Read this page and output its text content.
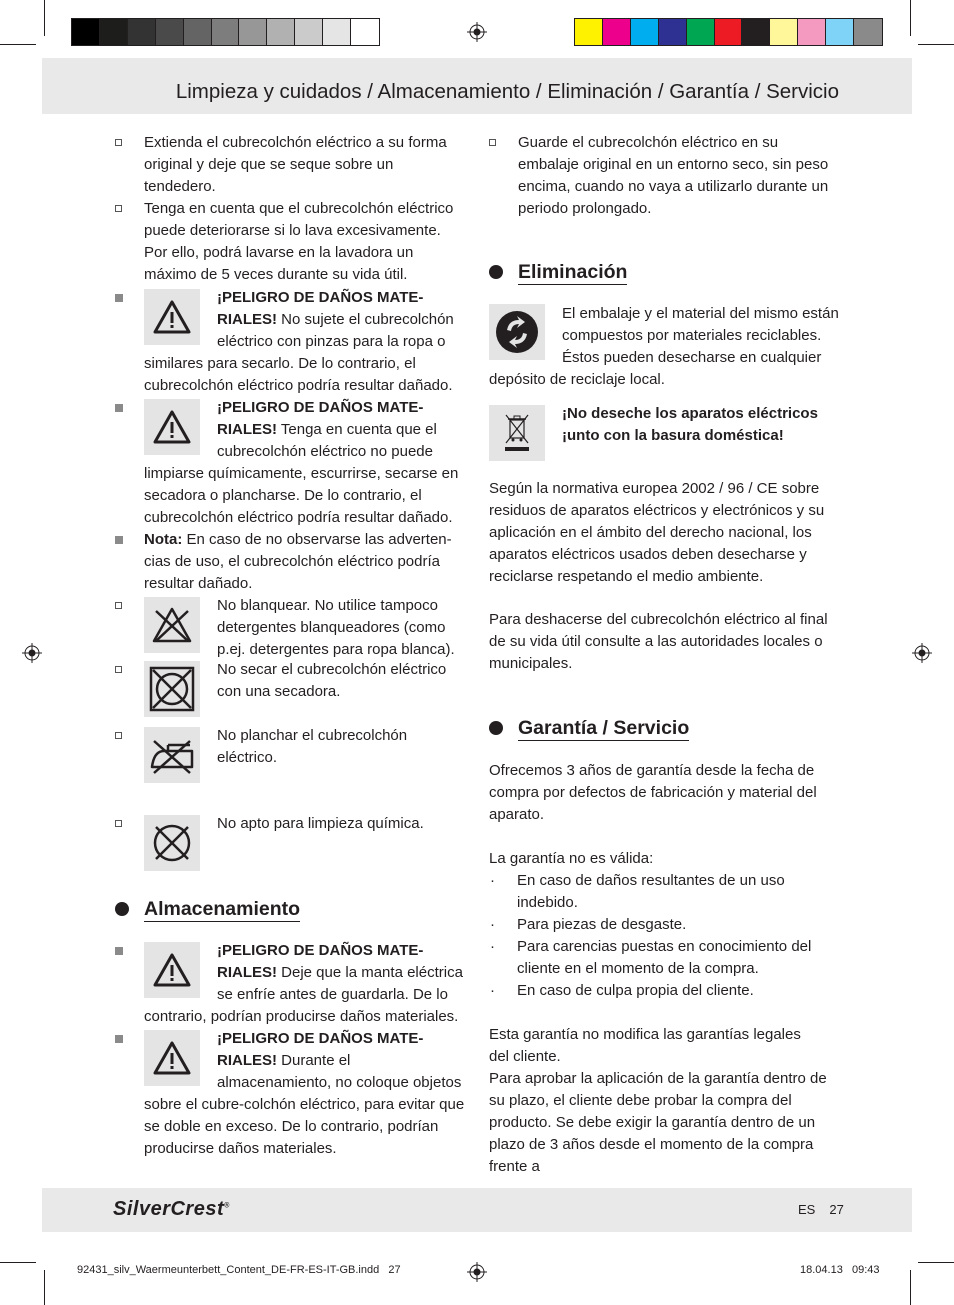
Limpieza y cuidados / Almacenamiento / Eliminación / Garantía / Servicio

Extienda el cubrecolchón eléctrico a su forma original y deje que se seque sobre un tendedero.

Tenga en cuenta que el cubrecolchón eléctrico puede deteriorarse si lo lava excesivamente. Por ello, podrá lavarse en la lavadora un máximo de 5 veces durante su vida útil.

¡PELIGRO DE DAÑOS MATE-RIALES! No sujete el cubrecolchón eléctrico con pinzas para la ropa o similares para secarlo. De lo contrario, el cubrecolchón eléctrico podría resultar dañado.

¡PELIGRO DE DAÑOS MATE-RIALES! Tenga en cuenta que el cubrecolchón eléctrico no puede limpiarse químicamente, escurrirse, secarse en secadora o plancharse. De lo contrario, el cubrecolchón eléctrico podría resultar dañado.

Nota: En caso de no observarse las adverten-cias de uso, el cubrecolchón eléctrico podría resultar dañado.

No blanquear. No utilice tampoco detergentes blanqueadores (como p.ej. detergentes para ropa blanca).

No secar el cubrecolchón eléctrico con una secadora.

No planchar el cubrecolchón eléctrico.

No apto para limpieza química.

Almacenamiento

¡PELIGRO DE DAÑOS MATE-RIALES! Deje que la manta eléctrica se enfríe antes de guardarla. De lo contrario, podrían producirse daños materiales.

¡PELIGRO DE DAÑOS MATE-RIALES! Durante el almacenamiento, no coloque objetos sobre el cubre-colchón eléctrico, para evitar que se doble en exceso. De lo contrario, podrían producirse daños materiales.

Guarde el cubrecolchón eléctrico en su embalaje original en un entorno seco, sin peso encima, cuando no vaya a utilizarlo durante un periodo prolongado.

Eliminación

El embalaje y el material del mismo están compuestos por materiales reciclables. Éstos pueden desecharse en cualquier depósito de reciclaje local.

¡No deseche los aparatos eléctricos ¡unto con la basura doméstica!

Según la normativa europea 2002 / 96 / CE sobre residuos de aparatos eléctricos y electrónicos y su aplicación en el ámbito del derecho nacional, los aparatos eléctricos usados deben desecharse y reciclarse respetando el medio ambiente.

Para deshacerse del cubrecolchón eléctrico al final de su vida útil consulte a las autoridades locales o municipales.

Garantía / Servicio

Ofrecemos 3 años de garantía desde la fecha de compra por defectos de fabricación y material del aparato.

La garantía no es válida:

· En caso de daños resultantes de un uso indebido.

· Para piezas de desgaste.

· Para carencias puestas en conocimiento del cliente en el momento de la compra.

· En caso de culpa propia del cliente.

Esta garantía no modifica las garantías legales del cliente.

Para aprobar la aplicación de la garantía dentro de su plazo, el cliente debe probar la compra del producto. Se debe exigir la garantía dentro de un plazo de 3 años desde el momento de la compra frente a

SilverCrest®	ES 27
92431_silv_Waermeunterbett_Content_DE-FR-ES-IT-GB.indd   27	18.04.13   09:43
